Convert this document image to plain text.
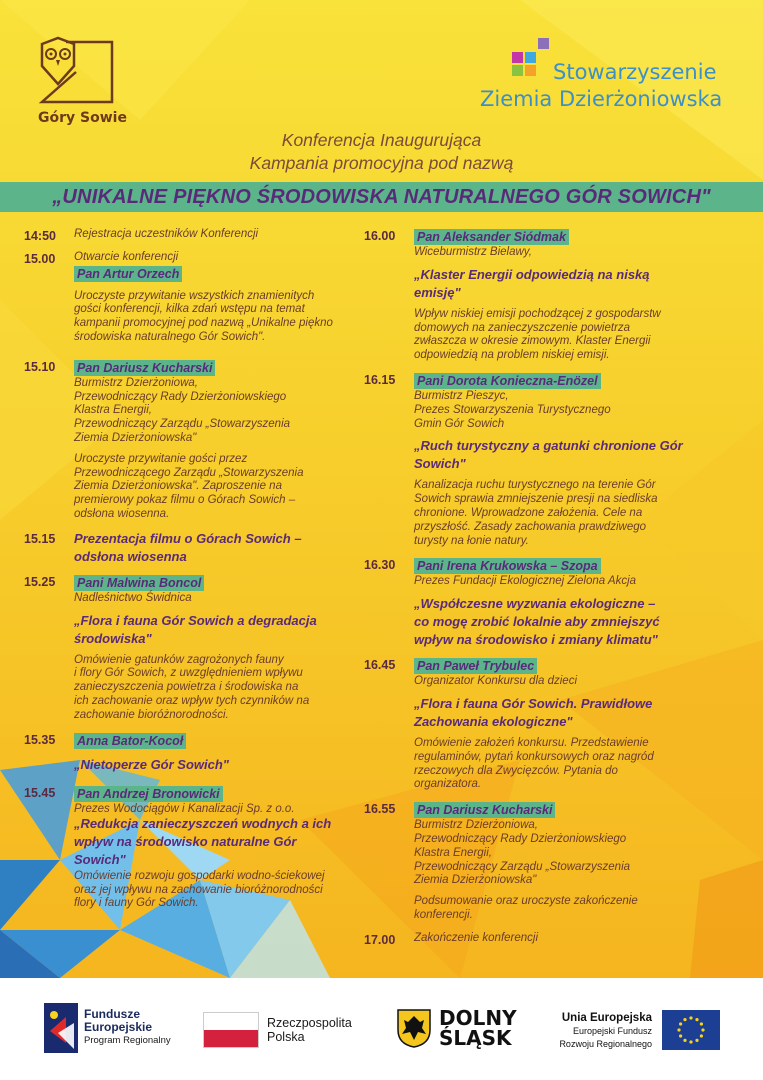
Góry Sowie
Stowarzyszenie
Ziemia Dzierżoniowska
Konferencja Inaugurująca
Kampania promocyjna pod nazwą
„UNIKALNE PIĘKNO ŚRODOWISKA NATURALNEGO GÓR SOWICH"
14:50 Rejestracja uczestników Konferencji
15.00 Otwarcie konferencji
Pan Artur Orzech
Uroczyste przywitanie wszystkich znamienitych
gości konferencji, kilka zdań wstępu na temat
kampanii promocyjnej pod nazwą „Unikalne piękno
środowiska naturalnego Gór Sowich".
15.10 Pan Dariusz Kucharski
Burmistrz Dzierżoniowa,
Przewodniczący Rady Dzierżoniowskiego
Klastra Energii,
Przewodniczący Zarządu „Stowarzyszenia
Ziemia Dzierżoniowska"
Uroczyste przywitanie gości przez
Przewodniczącego Zarządu „Stowarzyszenia
Ziemia Dzierżoniowska". Zaproszenie na
premierowy pokaz filmu o Górach Sowich –
odsłona wiosenna.
15.15 Prezentacja filmu o Górach Sowich –
odsłona wiosenna
15.25 Pani Malwina Boncol
Nadleśnictwo Świdnica
„Flora i fauna Gór Sowich a degradacja
środowiska"
Omówienie gatunków zagrożonych fauny
i flory Gór Sowich, z uwzględnieniem wpływu
zanieczyszczenia powietrza i środowiska na
ich zachowanie oraz wpływ tych czynników na
zachowanie bioróżnorodności.
15.35 Anna Bator-Kocoł
„Nietoperze Gór Sowich"
15.45 Pan Andrzej Bronowicki
Prezes Wodociągów i Kanalizacji Sp. z o.o.
„Redukcja zanieczyszczeń wodnych a ich
wpływ na środowisko naturalne Gór
Sowich"
Omówienie rozwoju gospodarki wodno-ściekowej
oraz jej wpływu na zachowanie bioróżnorodności
flory i fauny Gór Sowich.
16.00 Pan Aleksander Siódmak
Wiceburmistrz Bielawy,
„Klaster Energii odpowiedzią na niską
emisję"
Wpływ niskiej emisji pochodzącej z gospodarstw
domowych na zanieczyszczenie powietrza
zwłaszcza w okresie zimowym. Klaster Energii
odpowiedzią na problem niskiej emisji.
16.15 Pani Dorota Konieczna-Enözel
Burmistrz Pieszyc,
Prezes Stowarzyszenia Turystycznego
Gmin Gór Sowich
„Ruch turystyczny a gatunki chronione Gór
Sowich"
Kanalizacja ruchu turystycznego na terenie Gór
Sowich sprawia zmniejszenie presji na siedliska
chronione. Wprowadzone założenia. Cele na
przyszłość. Zasady zachowania prawdziwego
turysty na łonie natury.
16.30 Pani Irena Krukowska – Szopa
Prezes Fundacji Ekologicznej Zielona Akcja
„Współczesne wyzwania ekologiczne –
co mogę zrobić lokalnie aby zmniejszyć
wpływ na środowisko i zmiany klimatu"
16.45 Pan Paweł Trybulec
Organizator Konkursu dla dzieci
„Flora i fauna Gór Sowich. Prawidłowe
Zachowania ekologiczne"
Omówienie założeń konkursu. Przedstawienie
regulaminów, pytań konkursowych oraz nagród
rzeczowych dla Zwycięzców. Pytania do
organizatora.
16.55 Pan Dariusz Kucharski
Burmistrz Dzierżoniowa,
Przewodniczący Rady Dzierżoniowskiego
Klastra Energii,
Przewodniczący Zarządu „Stowarzyszenia
Ziemia Dzierżoniowska"
Podsumowanie oraz uroczyste zakończenie
konferencji.
17.00 Zakończenie konferencji
Fundusze
Europejskie
Program Regionalny
Rzeczpospolita
Polska
DOLNY
ŚLĄSK
Unia Europejska
Europejski Fundusz
Rozwoju Regionalnego
